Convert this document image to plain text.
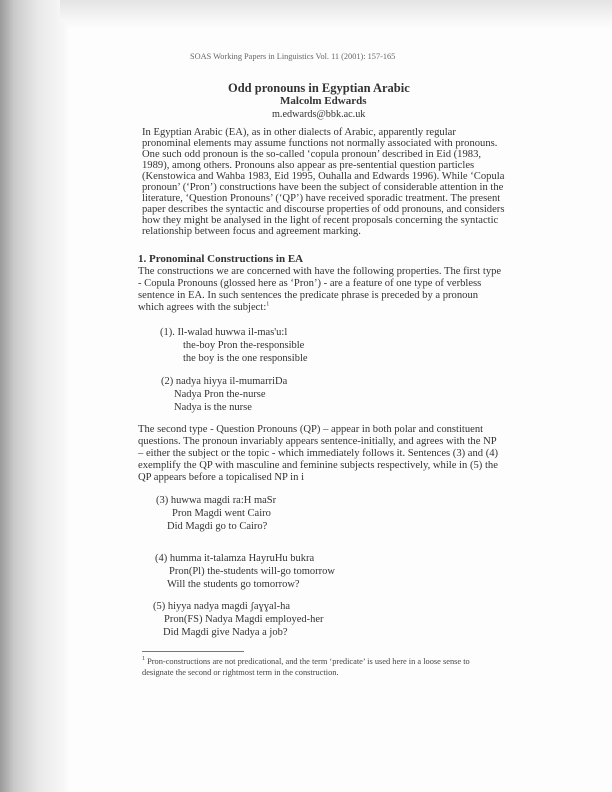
SOAS Working Papers in Linguistics Vol. 11 (2001): 157-165

Odd pronouns in Egyptian Arabic

Malcolm Edwards

m.edwards@bbk.ac.uk

In Egyptian Arabic (EA), as in other dialects of Arabic, apparently regular

pronominal elements may assume functions not normally associated with pronouns.

One such odd pronoun is the so-called ‘copula pronoun’ described in Eid (1983,

1989), among others. Pronouns also appear as pre-sentential question particles

(Kenstowica and Wahba 1983, Eid 1995, Ouhalla and Edwards 1996). While ‘Copula

pronoun’ (‘Pron’) constructions have been the subject of considerable attention in the

literature, ‘Question Pronouns’ (‘QP’) have received sporadic treatment. The present

paper describes the syntactic and discourse properties of odd pronouns, and considers

how they might be analysed in the light of recent proposals concerning the syntactic

relationship between focus and agreement marking.

1. Pronominal Constructions in EA

The constructions we are concerned with have the following properties. The first type

- Copula Pronouns (glossed here as ‘Pron’) - are a feature of one type of verbless

sentence in EA. In such sentences the predicate phrase is preceded by a pronoun

which agrees with the subject:$^1$

(1). Il-walad huwwa il-mas'u:l

the-boy Pron the-responsible

the boy is the one responsible

(2) nadya hiyya il-mumarriDa

Nadya Pron the-nurse

Nadya is the nurse

The second type - Question Pronouns (QP) – appear in both polar and constituent

questions. The pronoun invariably appears sentence-initially, and agrees with the NP

– either the subject or the topic - which immediately follows it. Sentences (3) and (4)

exemplify the QP with masculine and feminine subjects respectively, while in (5) the

QP appears before a topicalised NP in i

(3) huwwa magdi ra:H maSr

Pron Magdi went Cairo

Did Magdi go to Cairo?

(4) humma it-talamza HayruHu bukra

Pron(Pl) the-students will-go tomorrow

Will the students go tomorrow?

(5) hiyya nadya magdi ʃaɣɣal-ha

Pron(FS) Nadya Magdi employed-her

Did Magdi give Nadya a job?

$^1$ Pron-constructions are not predicational, and the term ‘predicate’ is used here in a loose sense to

designate the second or rightmost term in the construction.
